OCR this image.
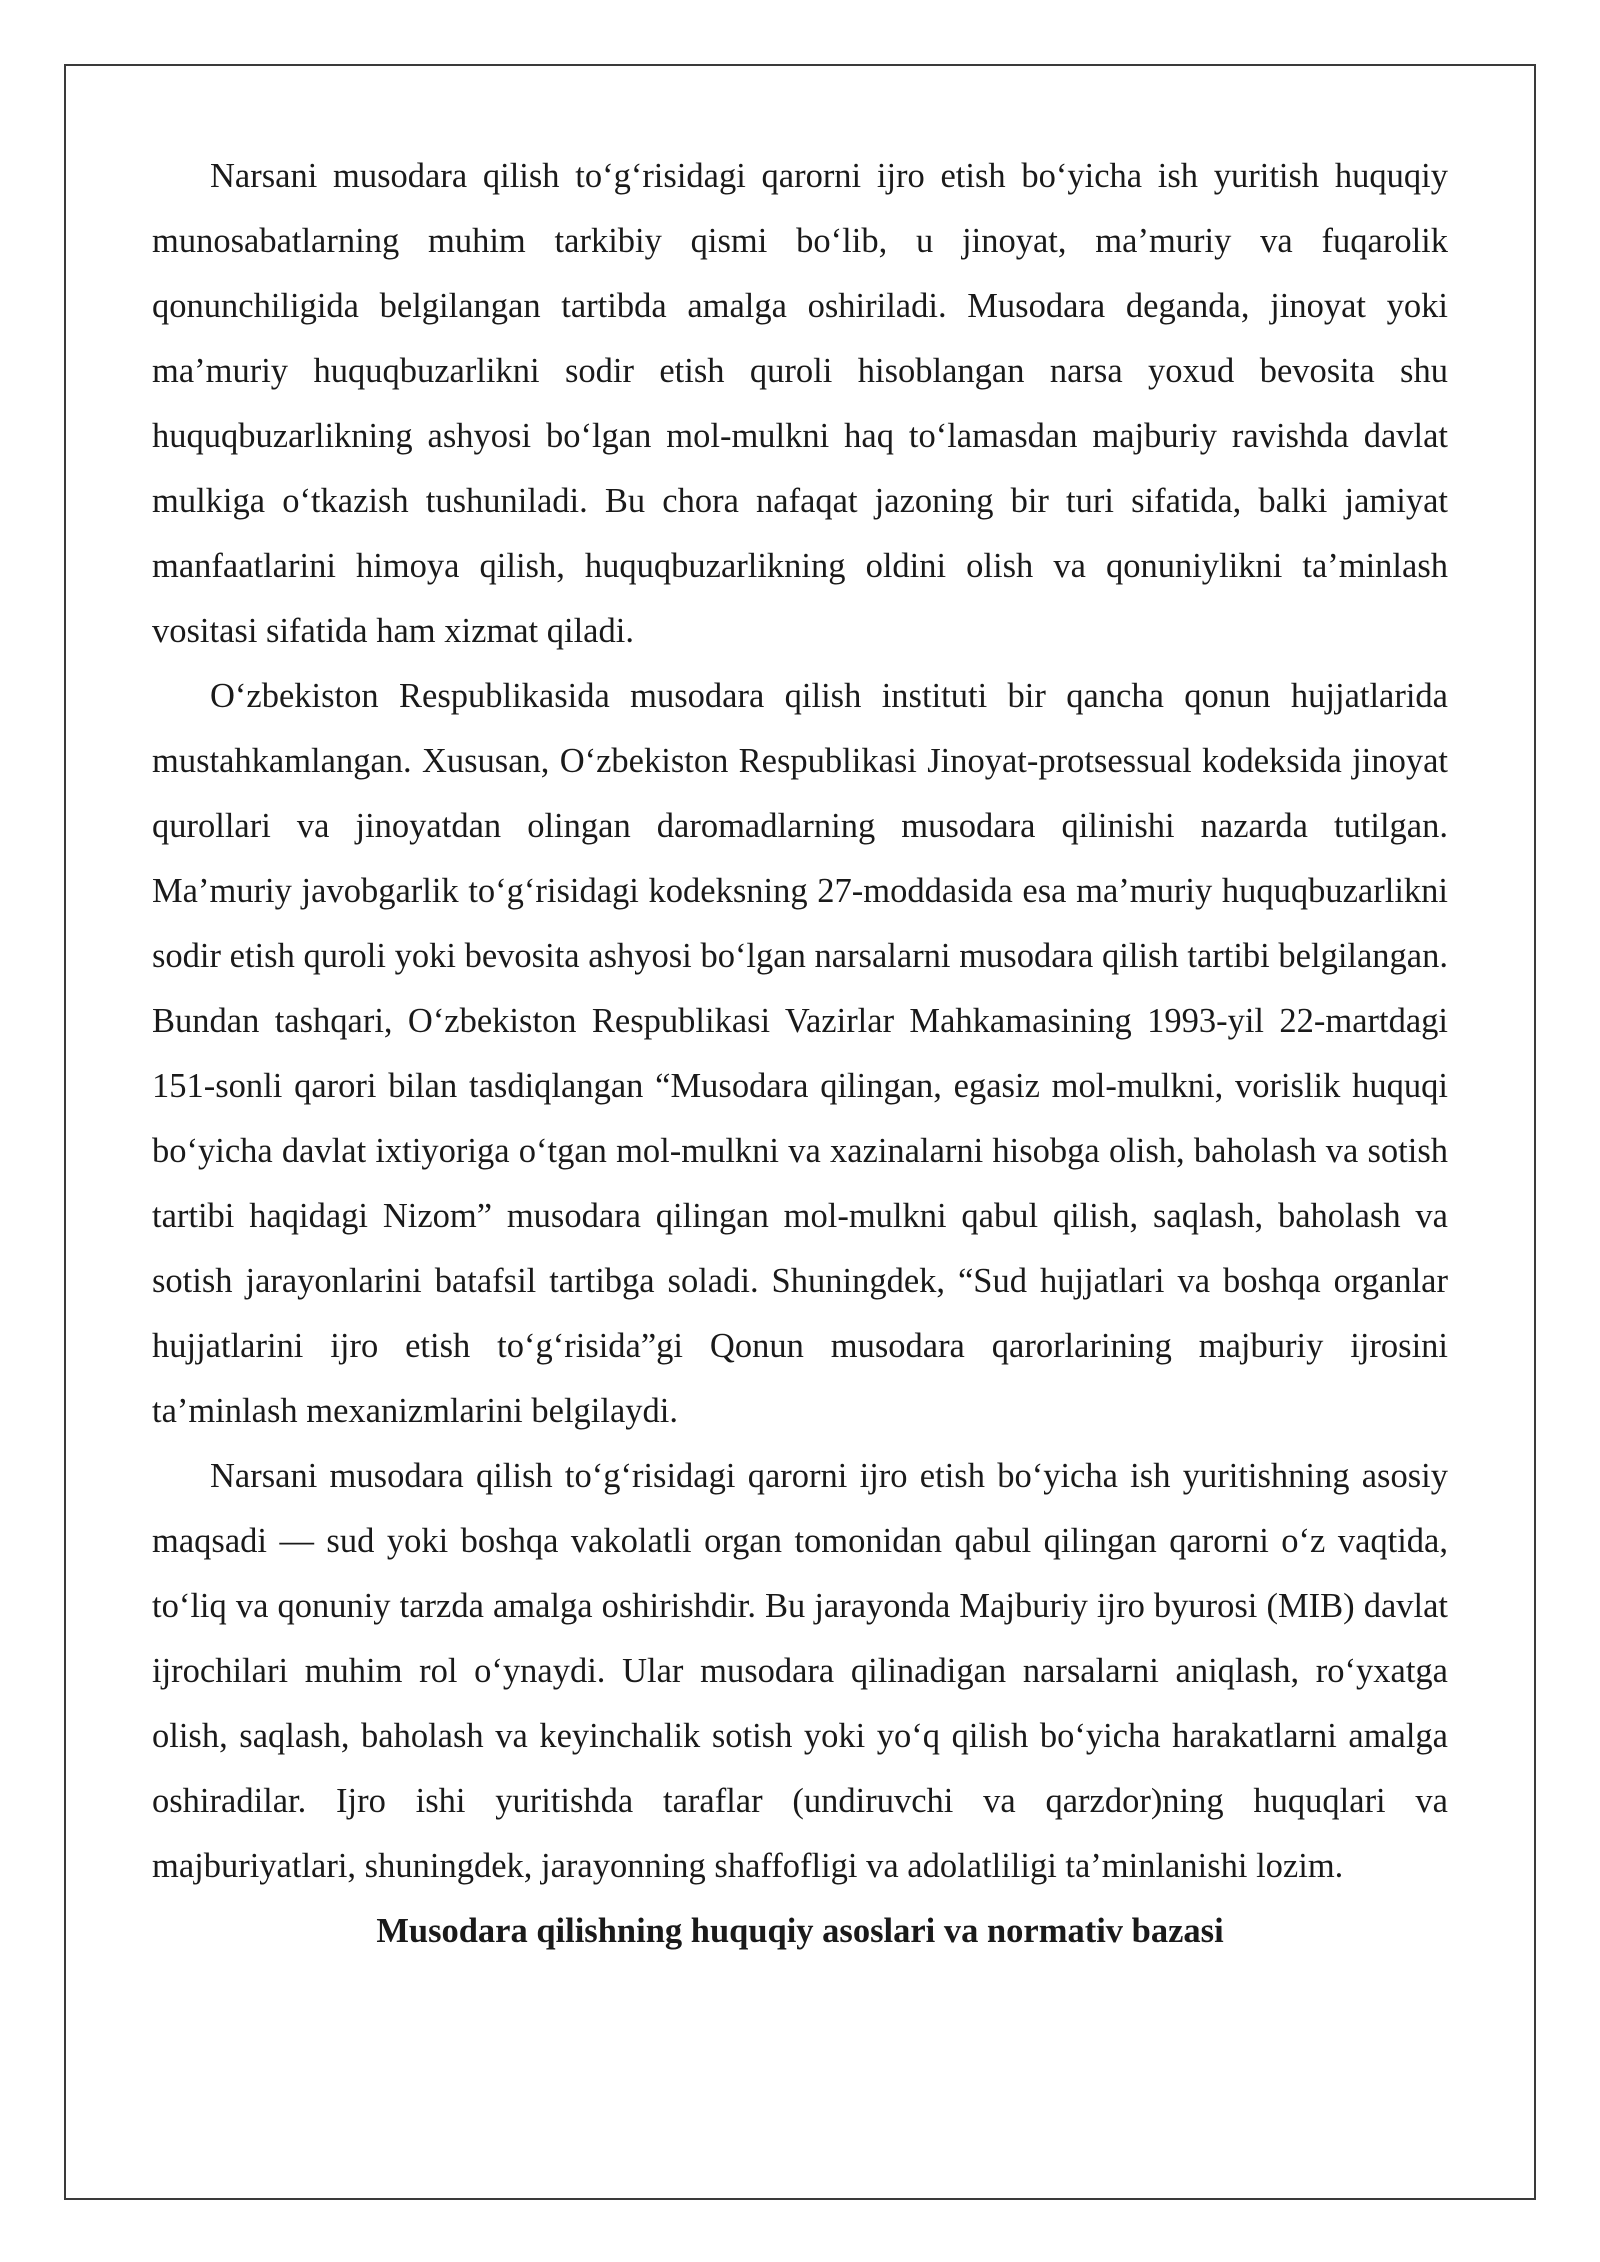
Narsani musodara qilish to‘g‘risidagi qarorni ijro etish bo‘yicha ish yuritish huquqiy munosabatlarning muhim tarkibiy qismi bo‘lib, u jinoyat, ma’muriy va fuqarolik qonunchiligida belgilangan tartibda amalga oshiriladi. Musodara deganda, jinoyat yoki ma’muriy huquqbuzarlikni sodir etish quroli hisoblangan narsa yoxud bevosita shu huquqbuzarlikning ashyosi bo‘lgan mol-mulkni haq to‘lamasdan majburiy ravishda davlat mulkiga o‘tkazish tushuniladi. Bu chora nafaqat jazoning bir turi sifatida, balki jamiyat manfaatlarini himoya qilish, huquqbuzarlikning oldini olish va qonuniylikni ta’minlash vositasi sifatida ham xizmat qiladi.

O‘zbekiston Respublikasida musodara qilish instituti bir qancha qonun hujjatlarida mustahkamlangan. Xususan, O‘zbekiston Respublikasi Jinoyat-protsessual kodeksida jinoyat qurollari va jinoyatdan olingan daromadlarning musodara qilinishi nazarda tutilgan. Ma’muriy javobgarlik to‘g‘risidagi kodeksning 27-moddasida esa ma’muriy huquqbuzarlikni sodir etish quroli yoki bevosita ashyosi bo‘lgan narsalarni musodara qilish tartibi belgilangan. Bundan tashqari, O‘zbekiston Respublikasi Vazirlar Mahkamasining 1993-yil 22-martdagi 151-sonli qarori bilan tasdiqlangan “Musodara qilingan, egasiz mol-mulkni, vorislik huquqi bo‘yicha davlat ixtiyoriga o‘tgan mol-mulkni va xazinalarni hisobga olish, baholash va sotish tartibi haqidagi Nizom” musodara qilingan mol-mulkni qabul qilish, saqlash, baholash va sotish jarayonlarini batafsil tartibga soladi. Shuningdek, “Sud hujjatlari va boshqa organlar hujjatlarini ijro etish to‘g‘risida”gi Qonun musodara qarorlarining majburiy ijrosini ta’minlash mexanizmlarini belgilaydi.

Narsani musodara qilish to‘g‘risidagi qarorni ijro etish bo‘yicha ish yuritishning asosiy maqsadi — sud yoki boshqa vakolatli organ tomonidan qabul qilingan qarorni o‘z vaqtida, to‘liq va qonuniy tarzda amalga oshirishdir. Bu jarayonda Majburiy ijro byurosi (MIB) davlat ijrochilari muhim rol o‘ynaydi. Ular musodara qilinadigan narsalarni aniqlash, ro‘yxatga olish, saqlash, baholash va keyinchalik sotish yoki yo‘q qilish bo‘yicha harakatlarni amalga oshiradilar. Ijro ishi yuritishda taraflar (undiruvchi va qarzdor)ning huquqlari va majburiyatlari, shuningdek, jarayonning shaffofligi va adolatliligi ta’minlanishi lozim.

Musodara qilishning huquqiy asoslari va normativ bazasi
